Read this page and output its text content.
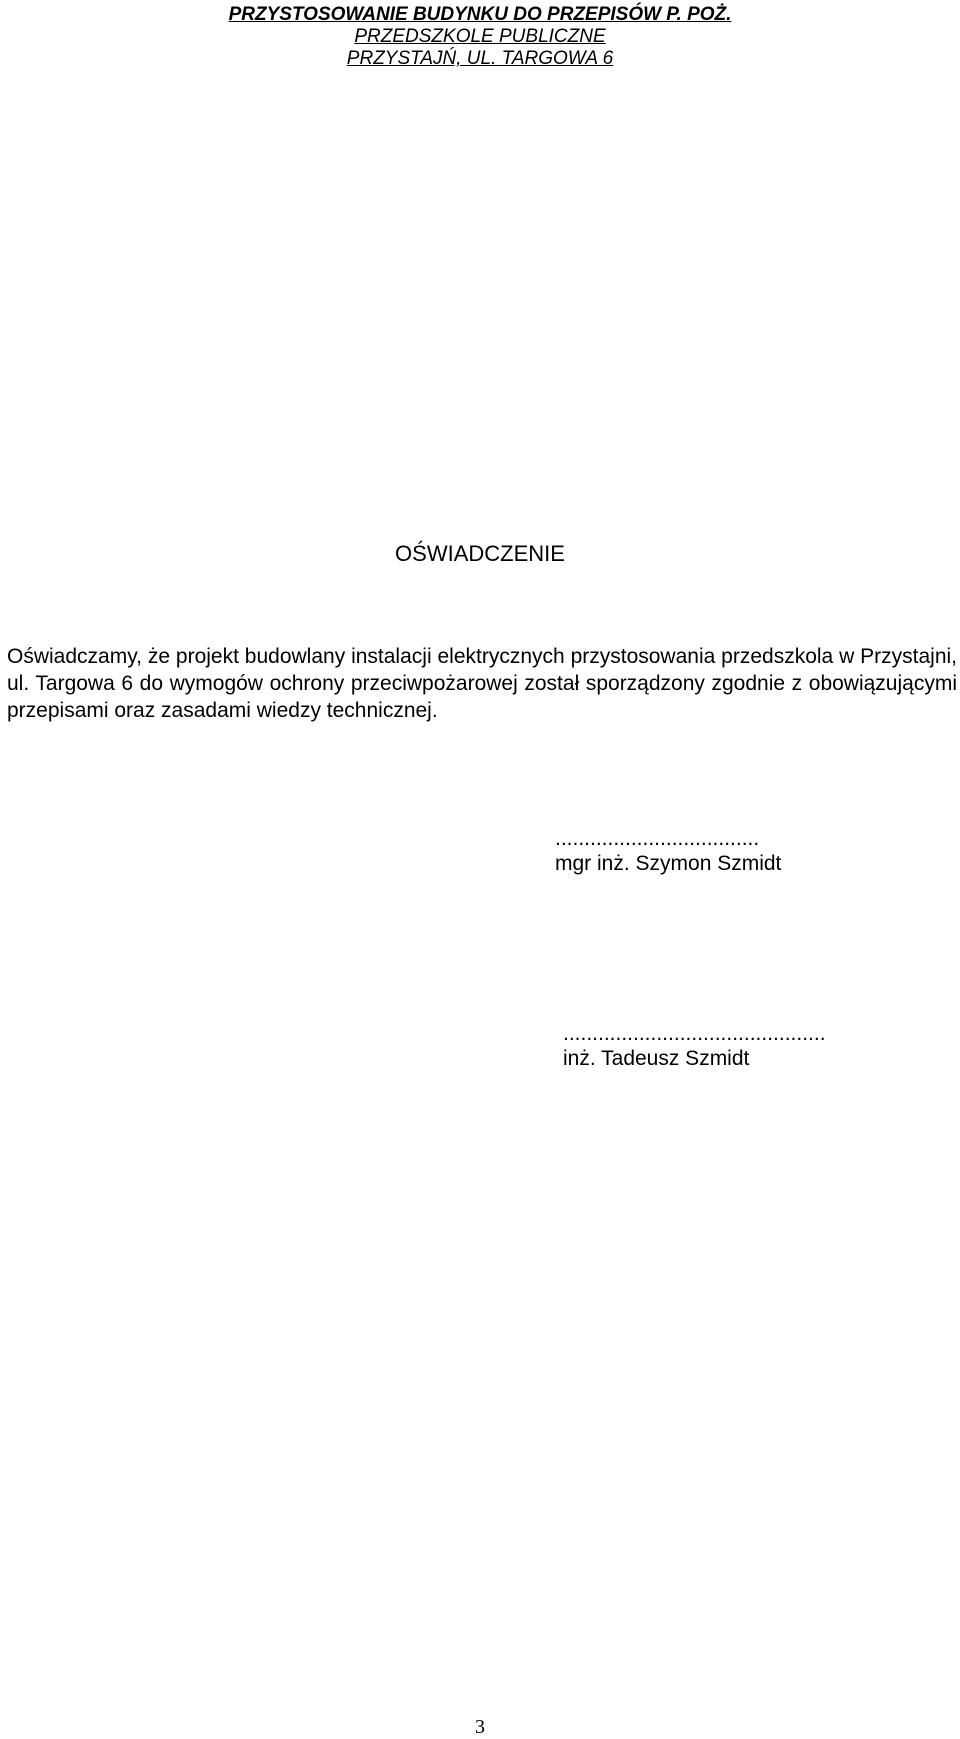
PRZYSTOSOWANIE BUDYNKU DO PRZEPISÓW P. POŻ.
PRZEDSZKOLE PUBLICZNE
PRZYSTAJŃ, UL. TARGOWA 6
OŚWIADCZENIE
Oświadczamy, że projekt budowlany instalacji elektrycznych przystosowania przedszkola w Przystajni, ul. Targowa 6 do wymogów ochrony przeciwpożarowej został sporządzony zgodnie z obowiązującymi przepisami oraz zasadami wiedzy technicznej.
...................................
mgr inż. Szymon Szmidt
.............................................
inż. Tadeusz Szmidt
3
